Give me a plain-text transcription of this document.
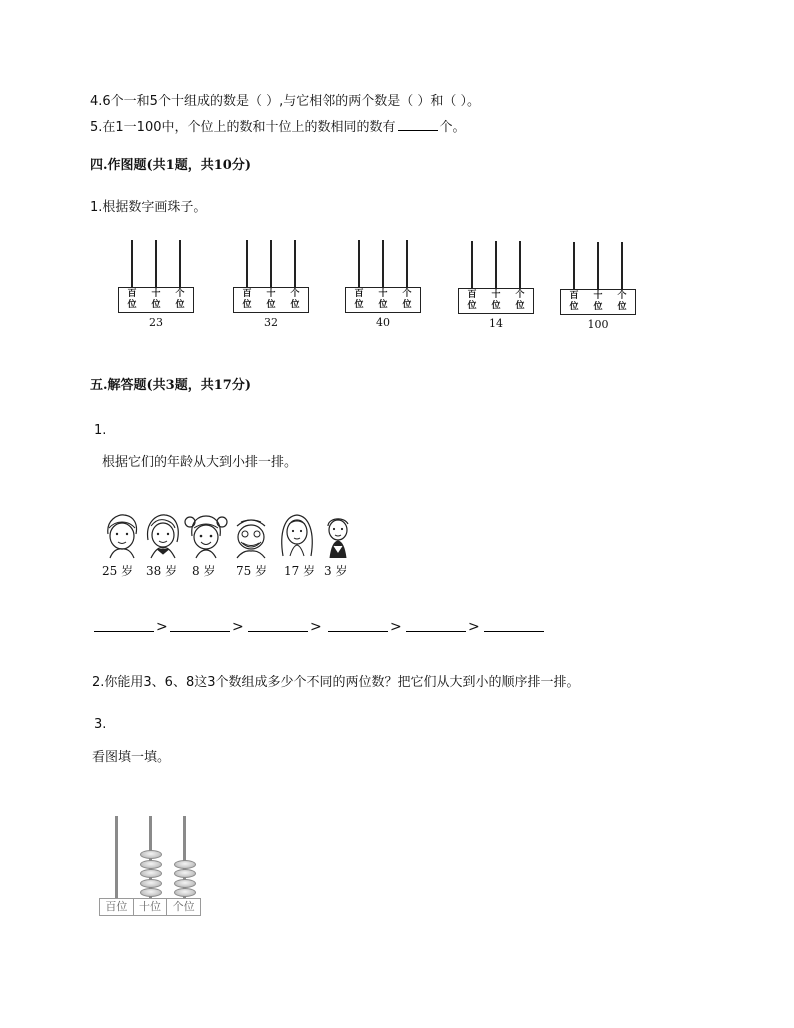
4.6个一和5个十组成的数是（ ）,与它相邻的两个数是（ ）和（ ）。
5.在1一100中，个位上的数和十位上的数相同的数有	个。
四.作图题(共1题，共10分)
1.根据数字画珠子。
百
位
十
位
个
位
23
百
位
十
位
个
位
32
百
位
十
位
个
位
40
百
位
十
位
个
位
14
百
位
十
位
个
位
100
五.解答题(共3题，共17分)
1.
根据它们的年龄从大到小排一排。
25 岁 38 岁 8 岁 75 岁 17 岁 3 岁
>	>	>	>	>
2.你能用3、6、8这3个数组成多少个不同的两位数？把它们从大到小的顺序排一排。
3.
看图填一填。
百位	十位	个位
